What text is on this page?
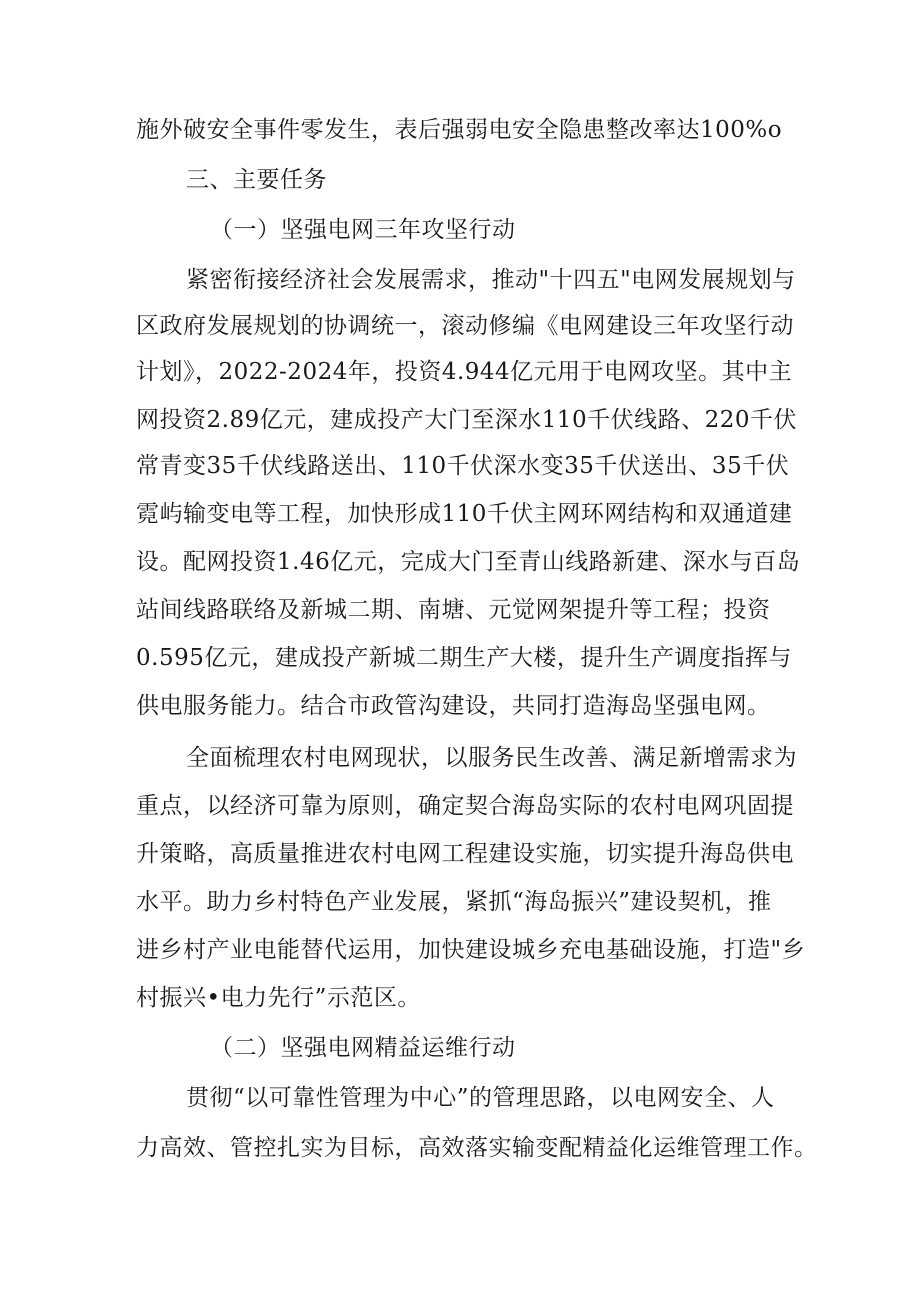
施外破安全事件零发生，表后强弱电安全隐患整改率达100%o
三、主要任务
（一）坚强电网三年攻坚行动
紧密衔接经济社会发展需求，推动"十四五"电网发展规划与
区政府发展规划的协调统一，滚动修编《电网建设三年攻坚行动
计划》，2022-2024年，投资4.944亿元用于电网攻坚。其中主
网投资2.89亿元，建成投产大门至深水110千伏线路、220千伏
常青变35千伏线路送出、110千伏深水变35千伏送出、35千伏
霓屿输变电等工程，加快形成110千伏主网环网结构和双通道建
设。配网投资1.46亿元，完成大门至青山线路新建、深水与百岛
站间线路联络及新城二期、南塘、元觉网架提升等工程；投资
0.595亿元，建成投产新城二期生产大楼，提升生产调度指挥与
供电服务能力。结合市政管沟建设，共同打造海岛坚强电网。
全面梳理农村电网现状，以服务民生改善、满足新增需求为
重点，以经济可靠为原则，确定契合海岛实际的农村电网巩固提
升策略，高质量推进农村电网工程建设实施，切实提升海岛供电
水平。助力乡村特色产业发展，紧抓“海岛振兴”建设契机，推
进乡村产业电能替代运用，加快建设城乡充电基础设施，打造"乡
村振兴•电力先行”示范区。
（二）坚强电网精益运维行动
贯彻“以可靠性管理为中心”的管理思路，以电网安全、人
力高效、管控扎实为目标，高效落实输变配精益化运维管理工作。
